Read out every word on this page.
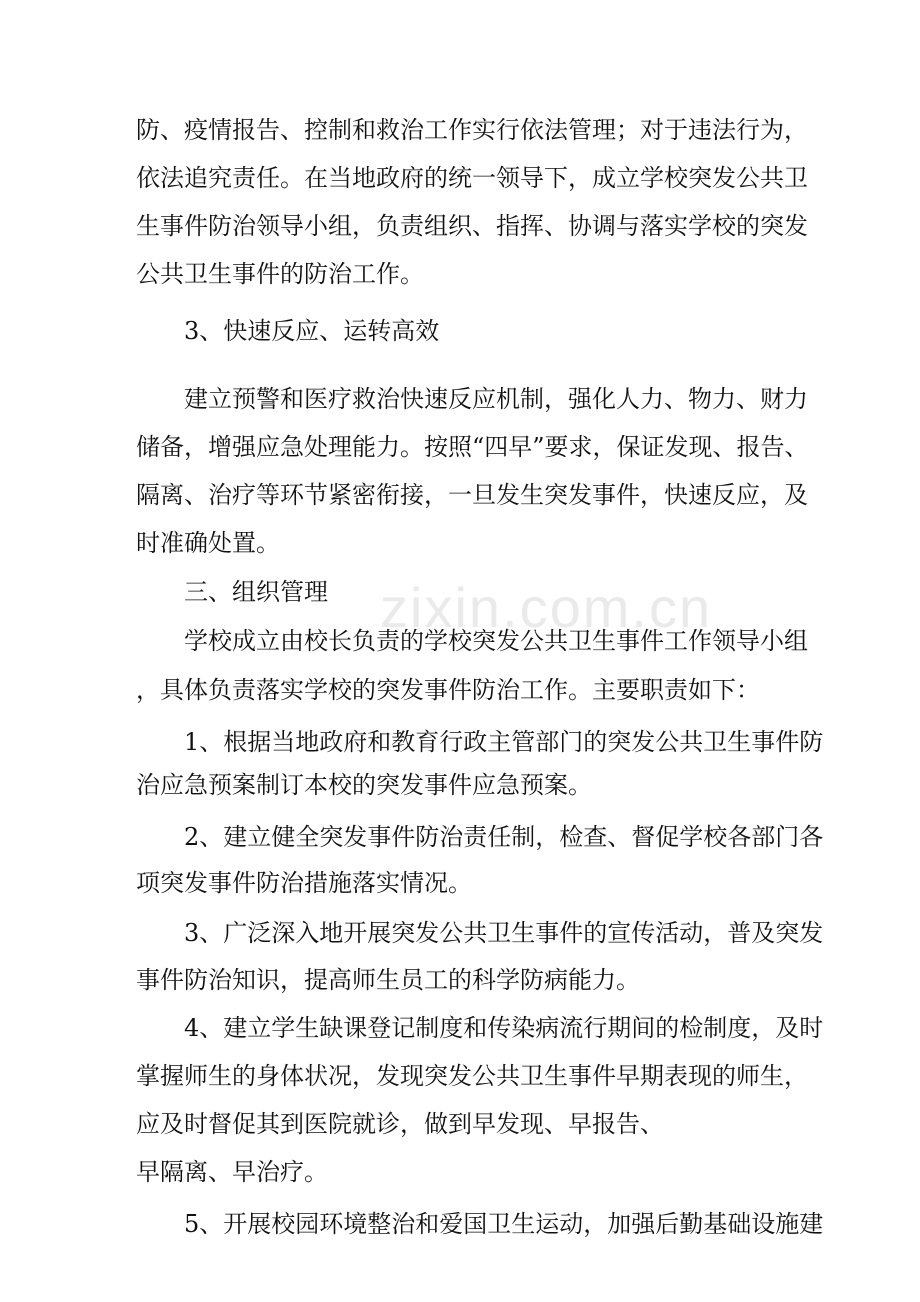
zixin.com.cn
防、疫情报告、控制和救治工作实行依法管理；对于违法行为，
依法追究责任。在当地政府的统一领导下，成立学校突发公共卫
生事件防治领导小组，负责组织、指挥、协调与落实学校的突发
公共卫生事件的防治工作。
3、快速反应、运转高效
建立预警和医疗救治快速反应机制，强化人力、物力、财力
储备，增强应急处理能力。按照“四早”要求，保证发现、报告、
隔离、治疗等环节紧密衔接，一旦发生突发事件，快速反应，及
时准确处置。
三、组织管理
学校成立由校长负责的学校突发公共卫生事件工作领导小组
，具体负责落实学校的突发事件防治工作。主要职责如下：
1、根据当地政府和教育行政主管部门的突发公共卫生事件防
治应急预案制订本校的突发事件应急预案。
2、建立健全突发事件防治责任制，检查、督促学校各部门各
项突发事件防治措施落实情况。
3、广泛深入地开展突发公共卫生事件的宣传活动，普及突发
事件防治知识，提高师生员工的科学防病能力。
4、建立学生缺课登记制度和传染病流行期间的检制度，及时
掌握师生的身体状况，发现突发公共卫生事件早期表现的师生，
应及时督促其到医院就诊，做到早发现、早报告、
早隔离、早治疗。
5、开展校园环境整治和爱国卫生运动，加强后勤基础设施建
